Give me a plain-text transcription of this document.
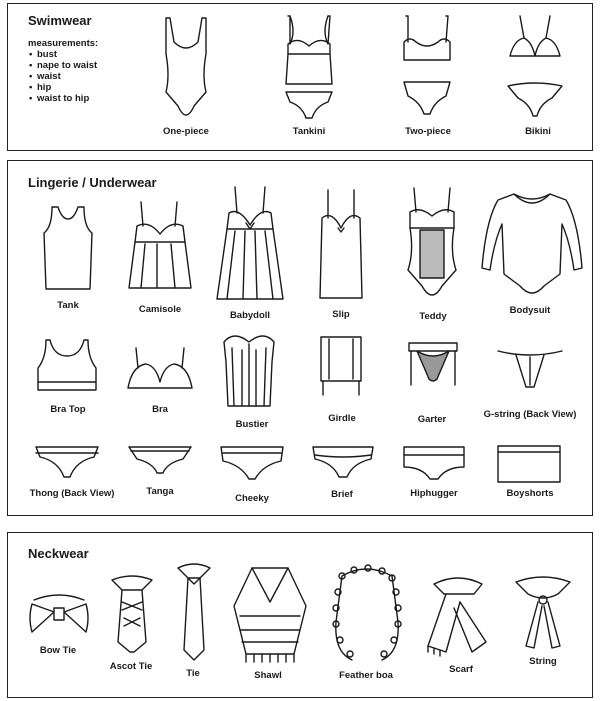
Swimwear
measurements:
• bust
• nape to waist
• waist
• hip
• waist to hip
One-piece	Tankini	Two-piece	Bikini
Lingerie / Underwear
Tank	Camisole
Babydoll	Slip	Teddy
Bodysuit
Bra Top	Bra
Bustier
Girdle	Garter	G-string (Back View)
Thong (Back View)	Tanga
Cheeky	Brief	Hiphugger	Boyshorts
Neckwear
Bow Tie
Ascot Tie
Tie	Shawl	Feather boa
Scarf
String
